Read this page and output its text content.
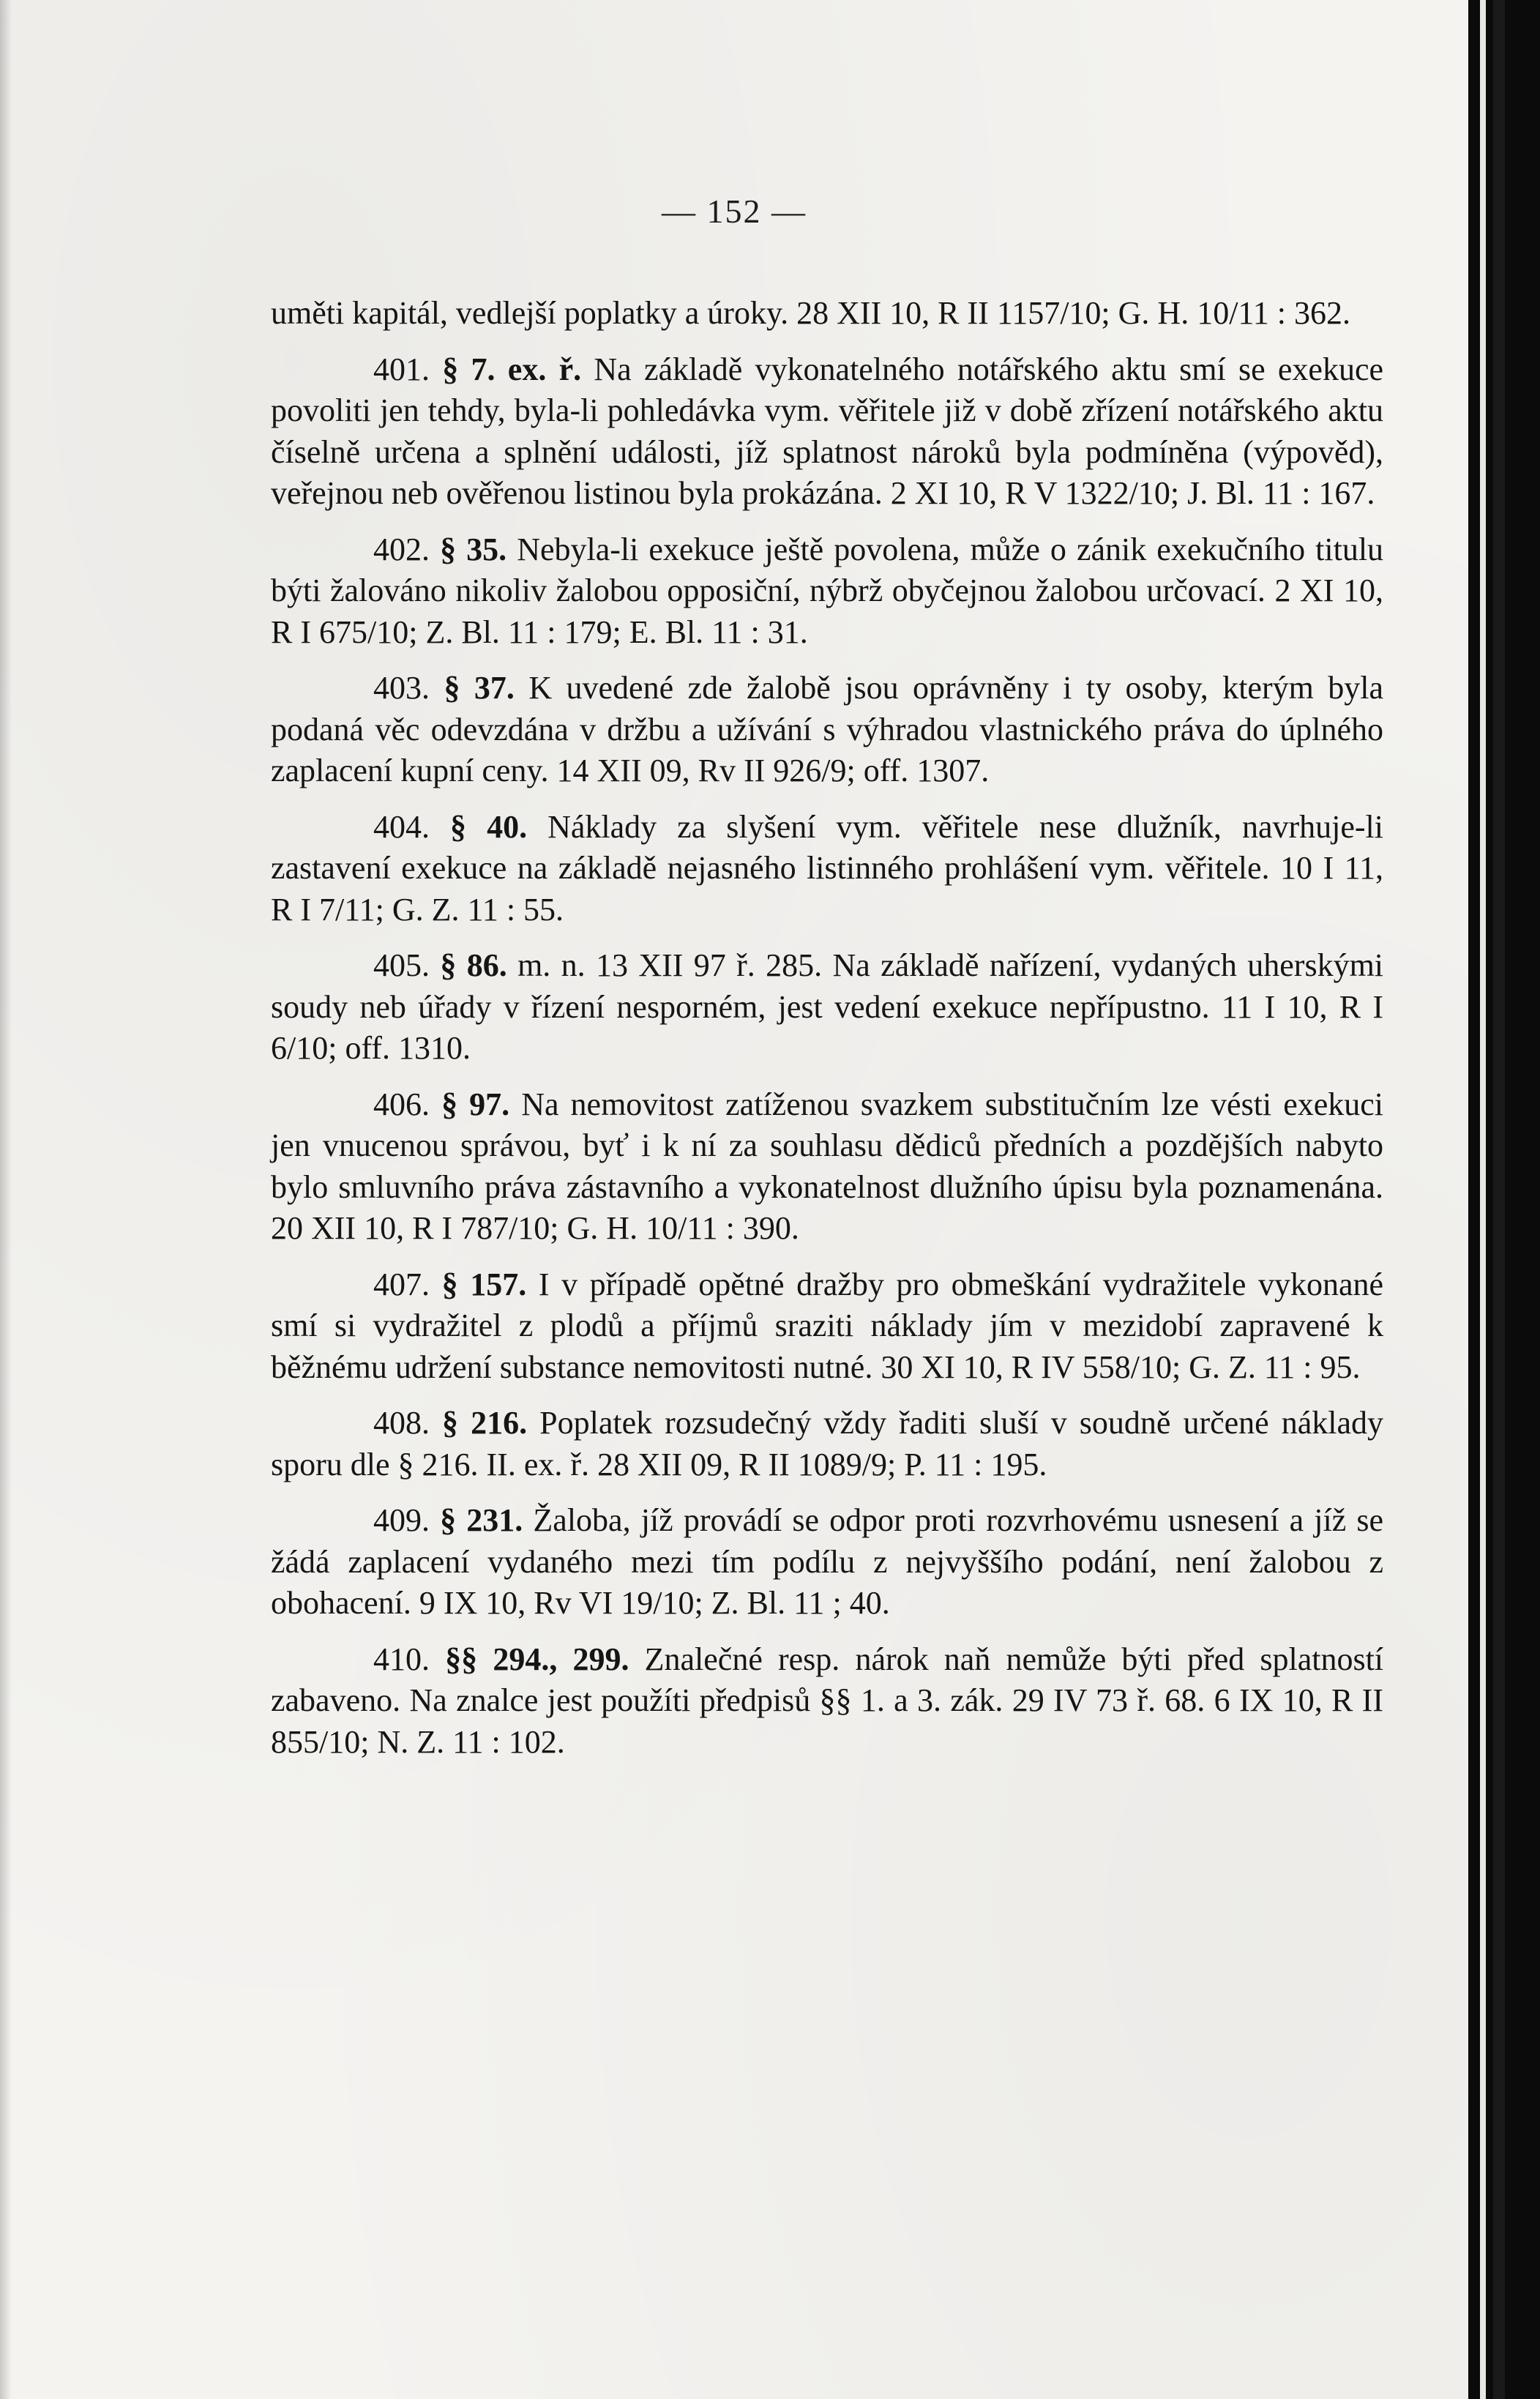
— 152 —

uměti kapitál, vedlejší poplatky a úroky. 28 XII 10, R II 1157/10; G. H. 10/11 : 362.

401. § 7. ex. ř. Na základě vykonatelného notářského aktu smí se exekuce povoliti jen tehdy, byla-li pohledávka vym. věřitele již v době zřízení notářského aktu číselně určena a splnění události, jíž splatnost nároků byla podmíněna (výpověd), veřejnou neb ověřenou listinou byla prokázána. 2 XI 10, R V 1322/10; J. Bl. 11 : 167.

402. § 35. Nebyla-li exekuce ještě povolena, může o zánik exekučního titulu býti žalováno nikoliv žalobou opposiční, nýbrž obyčejnou žalobou určovací. 2 XI 10, R I 675/10; Z. Bl. 11 : 179; E. Bl. 11 : 31.

403. § 37. K uvedené zde žalobě jsou oprávněny i ty osoby, kterým byla podaná věc odevzdána v držbu a užívání s výhradou vlastnického práva do úplného zaplacení kupní ceny. 14 XII 09, Rv II 926/9; off. 1307.

404. § 40. Náklady za slyšení vym. věřitele nese dlužník, navrhuje-li zastavení exekuce na základě nejasného listinného prohlášení vym. věřitele. 10 I 11, R I 7/11; G. Z. 11 : 55.

405. § 86. m. n. 13 XII 97 ř. 285. Na základě nařízení, vydaných uherskými soudy neb úřady v řízení nesporném, jest vedení exekuce nepřípustno. 11 I 10, R I 6/10; off. 1310.

406. § 97. Na nemovitost zatíženou svazkem substitučním lze vésti exekuci jen vnucenou správou, byť i k ní za souhlasu dědiců předních a pozdějších nabyto bylo smluvního práva zástavního a vykonatelnost dlužního úpisu byla poznamenána. 20 XII 10, R I 787/10; G. H. 10/11 : 390.

407. § 157. I v případě opětné dražby pro obmeškání vydražitele vykonané smí si vydražitel z plodů a příjmů sraziti náklady jím v mezidobí zapravené k běžnému udržení substance nemovitosti nutné. 30 XI 10, R IV 558/10; G. Z. 11 : 95.

408. § 216. Poplatek rozsudečný vždy řaditi sluší v soudně určené náklady sporu dle § 216. II. ex. ř. 28 XII 09, R II 1089/9; P. 11 : 195.

409. § 231. Žaloba, jíž provádí se odpor proti rozvrhovému usnesení a jíž se žádá zaplacení vydaného mezi tím podílu z nejvyššího podání, není žalobou z obohacení. 9 IX 10, Rv VI 19/10; Z. Bl. 11 ; 40.

410. §§ 294., 299. Znalečné resp. nárok naň nemůže býti před splatností zabaveno. Na znalce jest použíti předpisů §§ 1. a 3. zák. 29 IV 73 ř. 68. 6 IX 10, R II 855/10; N. Z. 11 : 102.
